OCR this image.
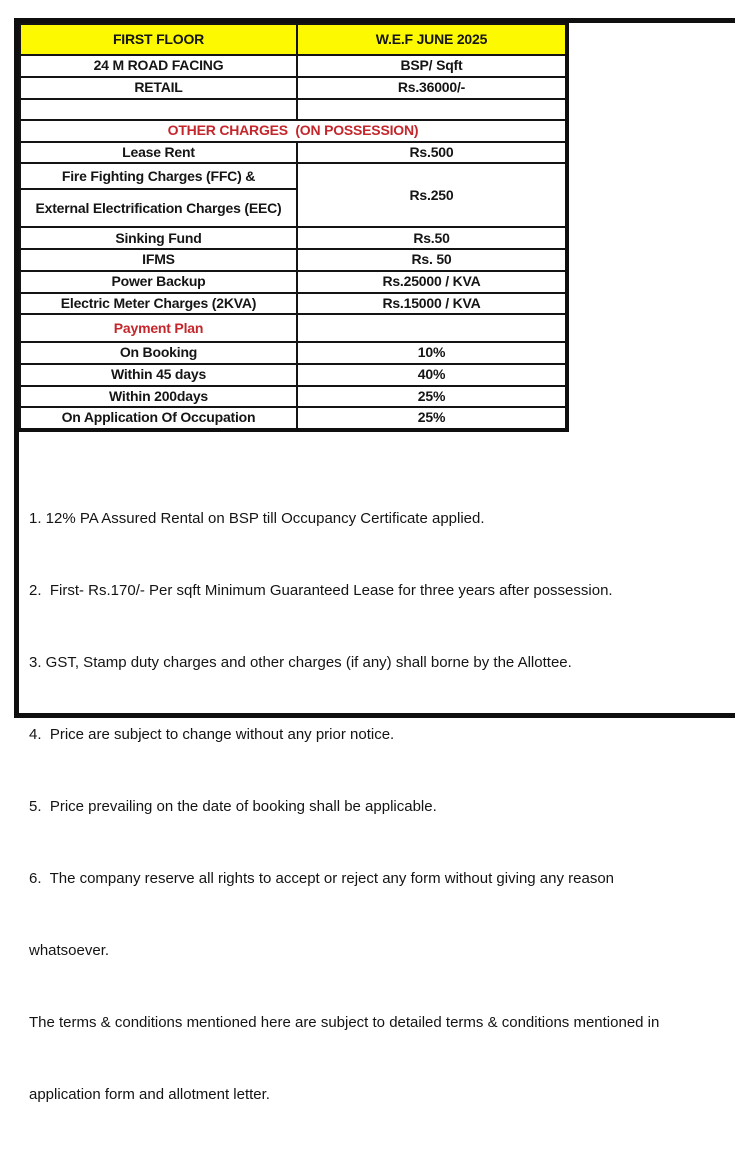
FIRST FLOOR	W.E.F JUNE 2025
24 M ROAD FACING	BSP/ Sqft
RETAIL	Rs.36000/-

OTHER CHARGES  (ON POSSESSION)	
Lease Rent	Rs.500
Fire Fighting Charges (FFC) &	Rs.250
External Electrification Charges (EEC)	
Sinking Fund	Rs.50
IFMS	Rs. 50
Power Backup	Rs.25000 / KVA
Electric Meter Charges (2KVA)	Rs.15000 / KVA
Payment Plan	
On Booking	10%
Within 45 days	40%
Within 200days	25%
On Application Of Occupation	25%

1. 12% PA Assured Rental on BSP till Occupancy Certificate applied.

2.  First- Rs.170/- Per sqft Minimum Guaranteed Lease for three years after possession.

3. GST, Stamp duty charges and other charges (if any) shall borne by the Allottee.

4.  Price are subject to change without any prior notice.

5.  Price prevailing on the date of booking shall be applicable.

6.  The company reserve all rights to accept or reject any form without giving any reason

whatsoever.

The terms & conditions mentioned here are subject to detailed terms & conditions mentioned in

application form and allotment letter.
